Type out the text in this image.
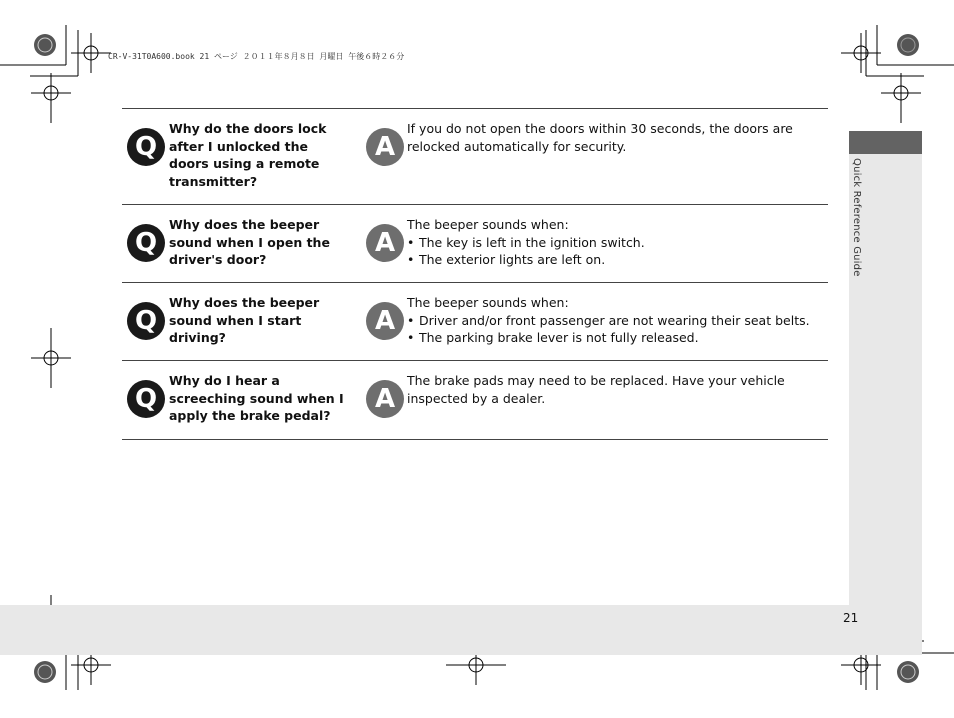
CR-V-31T0A600.book 21 ページ ２０１１年８月８日 月曜日 午後６時２６分
Quick Reference Guide
21
Q
Why do the doors lock after I unlocked the doors using a remote transmitter?
A
If you do not open the doors within 30 seconds, the doors are relocked automatically for security.
Q
Why does the beeper sound when I open the driver's door?
A
The beeper sounds when:
• The key is left in the ignition switch.
• The exterior lights are left on.
Q
Why does the beeper sound when I start driving?
A
The beeper sounds when:
• Driver and/or front passenger are not wearing their seat belts.
• The parking brake lever is not fully released.
Q
Why do I hear a screeching sound when I apply the brake pedal?
A
The brake pads may need to be replaced. Have your vehicle inspected by a dealer.
